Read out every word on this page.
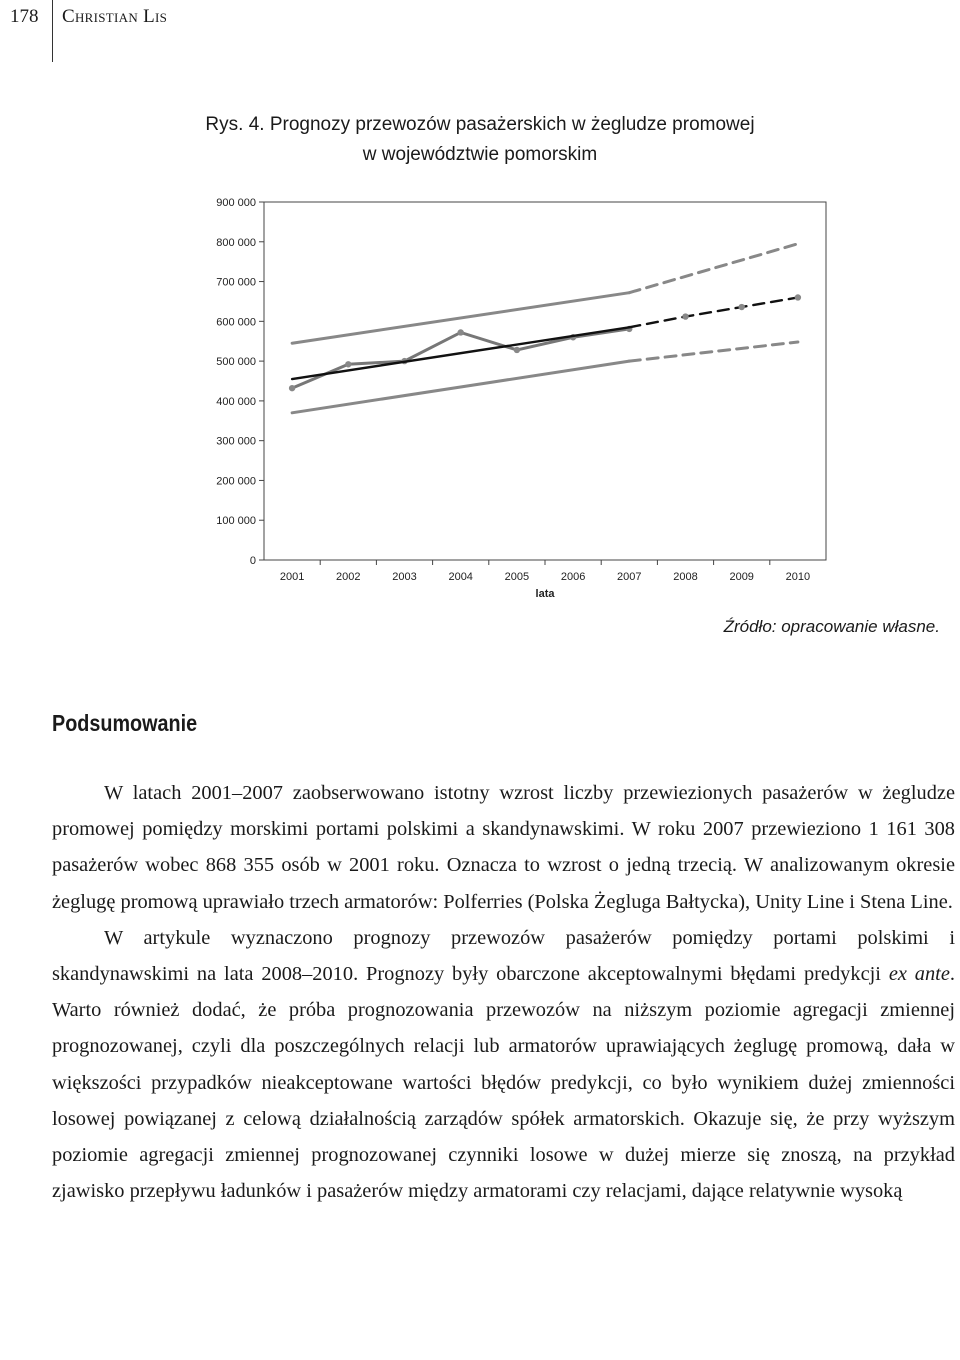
178 Christian Lis
Rys. 4. Prognozy przewozów pasażerskich w żegludze promowej
w województwie pomorskim
0
100 000
200 000
300 000
400 000
500 000
600 000
700 000
800 000
900 000
2001	2002	2003	2004	2005	2006	2007	2008	2009	2010
lata
Źródło: opracowanie własne.
Podsumowanie

W latach 2001–2007 zaobserwowano istotny wzrost liczby przewiezionych pasażerów w żegludze promowej pomiędzy morskimi portami polskimi a skandynawskimi. W roku 2007 przewieziono 1 161 308 pasażerów wobec 868 355 osób w 2001 roku. Oznacza to wzrost o jedną trzecią. W analizowanym okresie żeglugę promową uprawiało trzech armatorów: Polferries (Polska Żegluga Bałtycka), Unity Line i Stena Line.

W artykule wyznaczono prognozy przewozów pasażerów pomiędzy portami polskimi i skandynawskimi na lata 2008–2010. Prognozy były obarczone akceptowalnymi błędami predykcji ex ante. Warto również dodać, że próba prognozowania przewozów na niższym poziomie agregacji zmiennej prognozowanej, czyli dla poszczególnych relacji lub armatorów uprawiających żeglugę promową, dała w większości przypadków nieakceptowane wartości błędów predykcji, co było wynikiem dużej zmienności losowej powiązanej z celową działalnością zarządów spółek armatorskich. Okazuje się, że przy wyższym poziomie agregacji zmiennej prognozowanej czynniki losowe w dużej mierze się znoszą, na przykład zjawisko przepływu ładunków i pasażerów między armatorami czy relacjami, dające relatywnie wysoką
